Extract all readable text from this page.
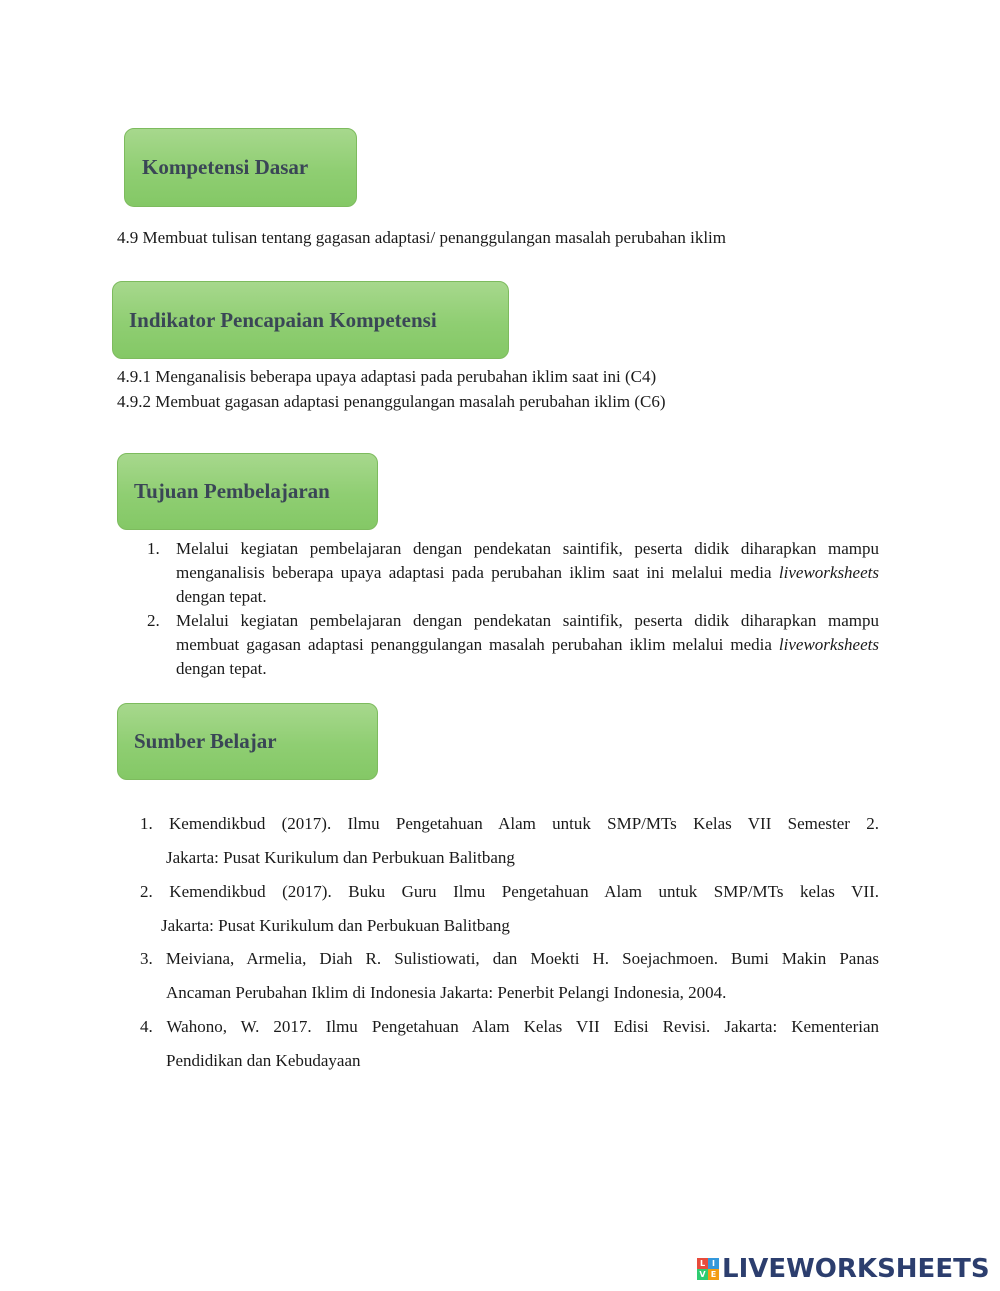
Kompetensi Dasar
4.9 Membuat tulisan tentang gagasan adaptasi/ penanggulangan masalah perubahan iklim
Indikator Pencapaian Kompetensi
4.9.1 Menganalisis beberapa upaya adaptasi pada perubahan iklim saat ini (C4)
4.9.2 Membuat gagasan adaptasi penanggulangan masalah perubahan iklim (C6)
Tujuan Pembelajaran
1. Melalui kegiatan pembelajaran dengan pendekatan saintifik, peserta didik diharapkan mampu menganalisis beberapa upaya adaptasi pada perubahan iklim saat ini melalui media liveworksheets dengan tepat.
2. Melalui kegiatan pembelajaran dengan pendekatan saintifik, peserta didik diharapkan mampu membuat gagasan adaptasi penanggulangan masalah perubahan iklim melalui media liveworksheets dengan tepat.
Sumber Belajar
1. Kemendikbud (2017). Ilmu Pengetahuan Alam untuk SMP/MTs Kelas VII Semester 2.
Jakarta: Pusat Kurikulum dan Perbukuan Balitbang
2. Kemendikbud (2017). Buku Guru Ilmu Pengetahuan Alam untuk SMP/MTs kelas VII.
Jakarta: Pusat Kurikulum dan Perbukuan Balitbang
3. Meiviana, Armelia, Diah R. Sulistiowati, dan Moekti H. Soejachmoen. Bumi Makin Panas
Ancaman Perubahan Iklim di Indonesia Jakarta: Penerbit Pelangi Indonesia, 2004.
4. Wahono, W. 2017. Ilmu Pengetahuan Alam Kelas VII Edisi Revisi. Jakarta: Kementerian
Pendidikan dan Kebudayaan
L I
V E LIVEWORKSHEETS
